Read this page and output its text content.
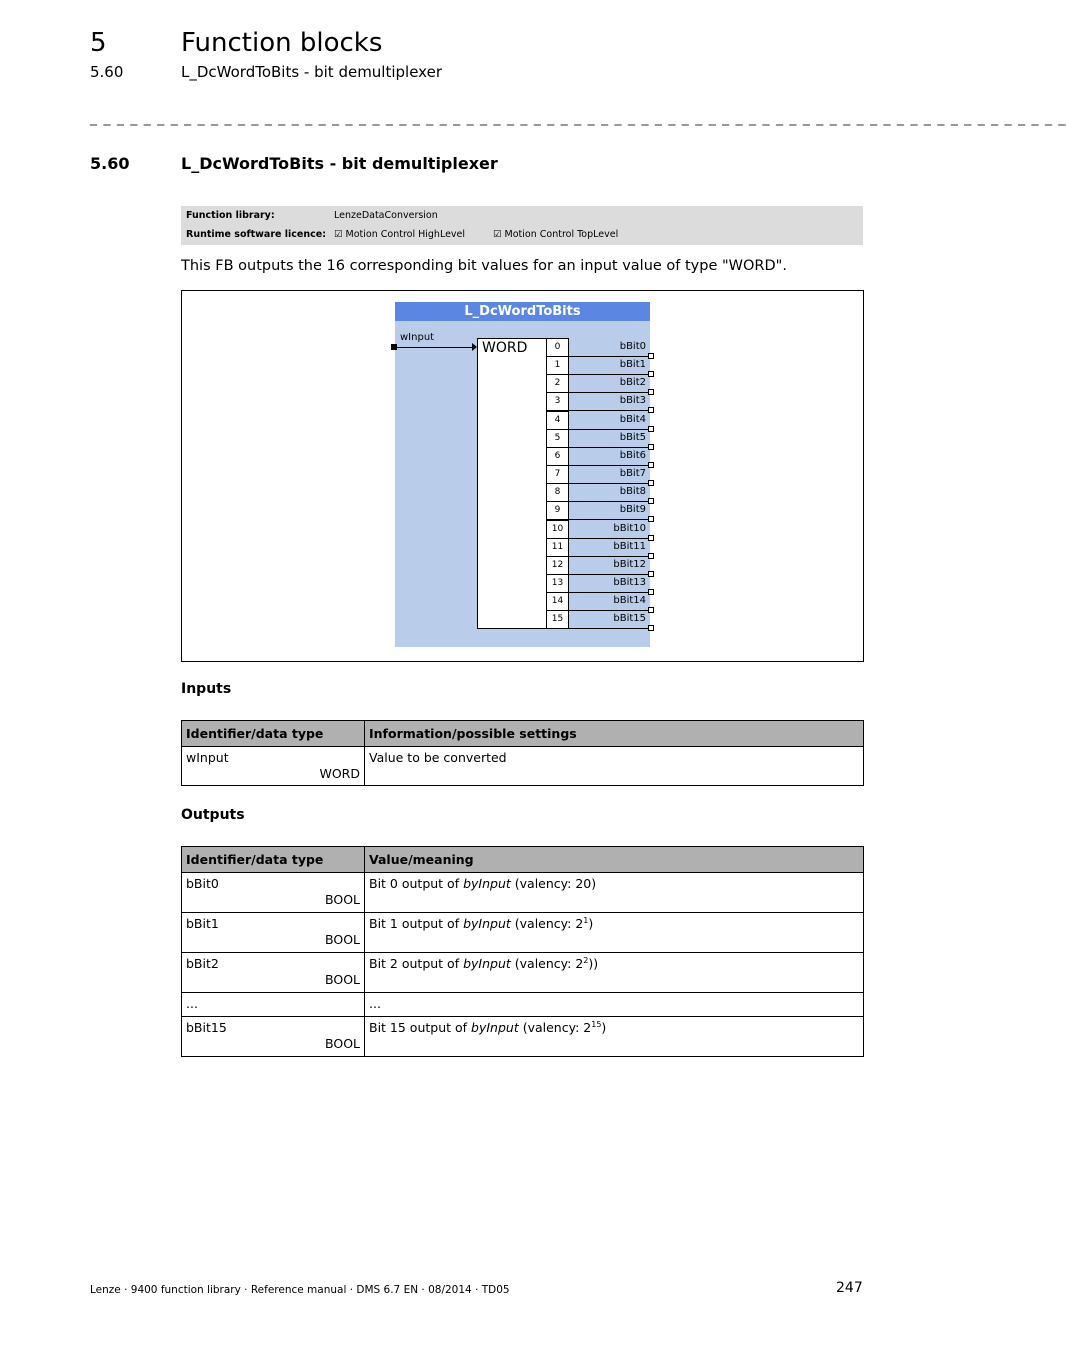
5	Function blocks
5.60	L_DcWordToBits - bit demultiplexer
_ _ _ _ _ _ _ _ _ _ _ _ _ _ _ _ _ _ _ _ _ _ _ _ _ _ _ _ _ _ _ _ _ _ _ _ _ _ _ _ _ _ _ _ _ _ _ _ _ _ _ _ _ _ _ _ _ _ _ _ _ _ _ _ _ _ _ _ _ _ _ _ _
5.60	L_DcWordToBits - bit demultiplexer
Function library:	LenzeDataConversion
Runtime software licence: ☑ Motion Control HighLevel	☑ Motion Control TopLevel
This FB outputs the 16 corresponding bit values for an input value of type "WORD".
L_DcWordToBits
wInput
WORD	0	bBit0
1	bBit1
2	bBit2
3	bBit3
4	bBit4
5	bBit5
6	bBit6
7	bBit7
8	bBit8
9	bBit9
10	bBit10
11	bBit11
12	bBit12
13	bBit13
14	bBit14
15	bBit15
Inputs
Identifier/data type	Information/possible settings

wInput
WORD	Value to be converted
Outputs
Identifier/data type	Value/meaning

bBit0
BOOL	Bit 0 output of byInput (valency: 20)

bBit1
BOOL	Bit 1 output of byInput (valency: $2^1$)

bBit2
BOOL	Bit 2 output of byInput (valency: $2^2$))

...	...

bBit15
BOOL	Bit 15 output of byInput (valency: $2^{15}$)
Lenze · 9400 function library · Reference manual · DMS 6.7 EN · 08/2014 · TD05	247
